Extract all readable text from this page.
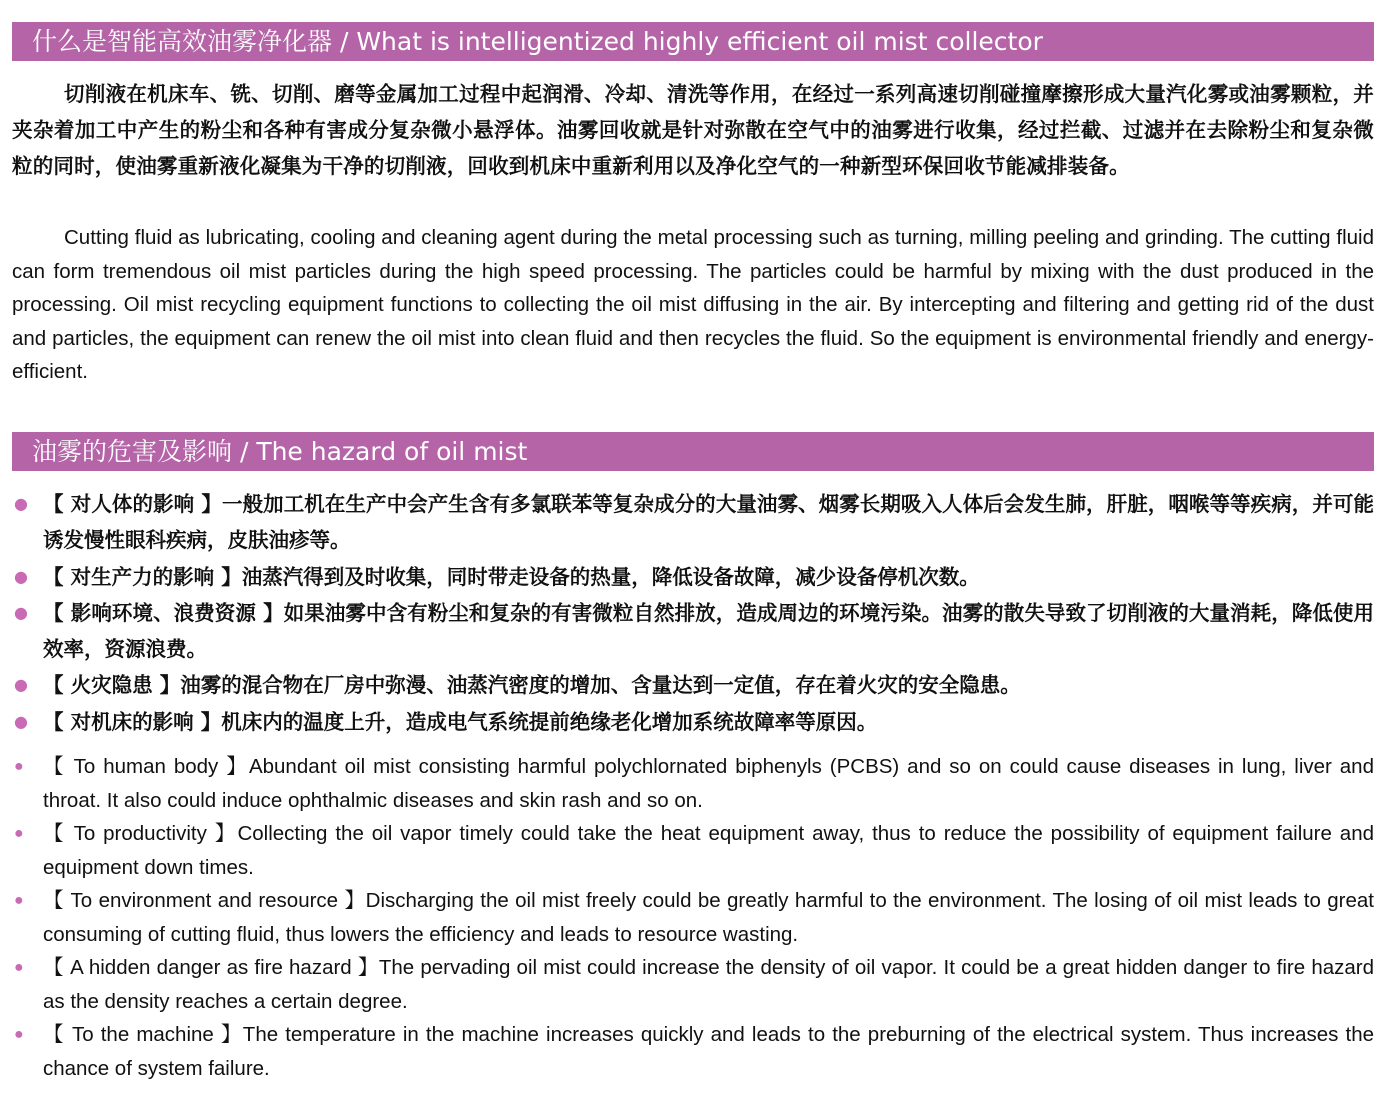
什么是智能高效油雾净化器 / What is intelligentized highly efficient oil mist collector

切削液在机床车、铣、切削、磨等金属加工过程中起润滑、冷却、清洗等作用，在经过一系列高速切削碰撞摩擦形成大量汽化雾或油雾颗粒，并夹杂着加工中产生的粉尘和各种有害成分复杂微小悬浮体。油雾回收就是针对弥散在空气中的油雾进行收集，经过拦截、过滤并在去除粉尘和复杂微粒的同时，使油雾重新液化凝集为干净的切削液，回收到机床中重新利用以及净化空气的一种新型环保回收节能减排装备。

Cutting fluid as lubricating, cooling and cleaning agent during the metal processing such as turning, milling peeling and grinding. The cutting fluid can form tremendous oil mist particles during the high speed processing. The particles could be harmful by mixing with the dust produced in the processing. Oil mist recycling equipment functions to collecting the oil mist diffusing in the air. By intercepting and filtering and getting rid of the dust and particles, the equipment can renew the oil mist into clean fluid and then recycles the fluid. So the equipment is environmental friendly and energy-efficient.

油雾的危害及影响 / The hazard of oil mist
● 【 对人体的影响 】一般加工机在生产中会产生含有多氯联苯等复杂成分的大量油雾、烟雾长期吸入人体后会发生肺，肝脏，咽喉等等疾病，并可能诱发慢性眼科疾病，皮肤油疹等。
● 【 对生产力的影响 】油蒸汽得到及时收集，同时带走设备的热量，降低设备故障，减少设备停机次数。
● 【 影响环境、浪费资源 】如果油雾中含有粉尘和复杂的有害微粒自然排放，造成周边的环境污染。油雾的散失导致了切削液的大量消耗，降低使用效率，资源浪费。
● 【 火灾隐患 】油雾的混合物在厂房中弥漫、油蒸汽密度的增加、含量达到一定值，存在着火灾的安全隐患。
● 【 对机床的影响 】机床内的温度上升，造成电气系统提前绝缘老化增加系统故障率等原因。
● 【 To human body 】Abundant oil mist consisting harmful polychlornated biphenyls (PCBS) and so on could cause diseases in lung, liver and throat. It also could induce ophthalmic diseases and skin rash and so on.
● 【 To productivity 】Collecting the oil vapor timely could take the heat equipment away, thus to reduce the possibility of equipment failure and equipment down times.
● 【 To environment and resource 】Discharging the oil mist freely could be greatly harmful to the environment. The losing of oil mist leads to great consuming of cutting fluid, thus lowers the efficiency and leads to resource wasting.
● 【 A hidden danger as fire hazard 】The pervading oil mist could increase the density of oil vapor. It could be a great hidden danger to fire hazard as the density reaches a certain degree.
● 【 To the machine 】The temperature in the machine increases quickly and leads to the preburning of the electrical system. Thus increases the chance of system failure.
